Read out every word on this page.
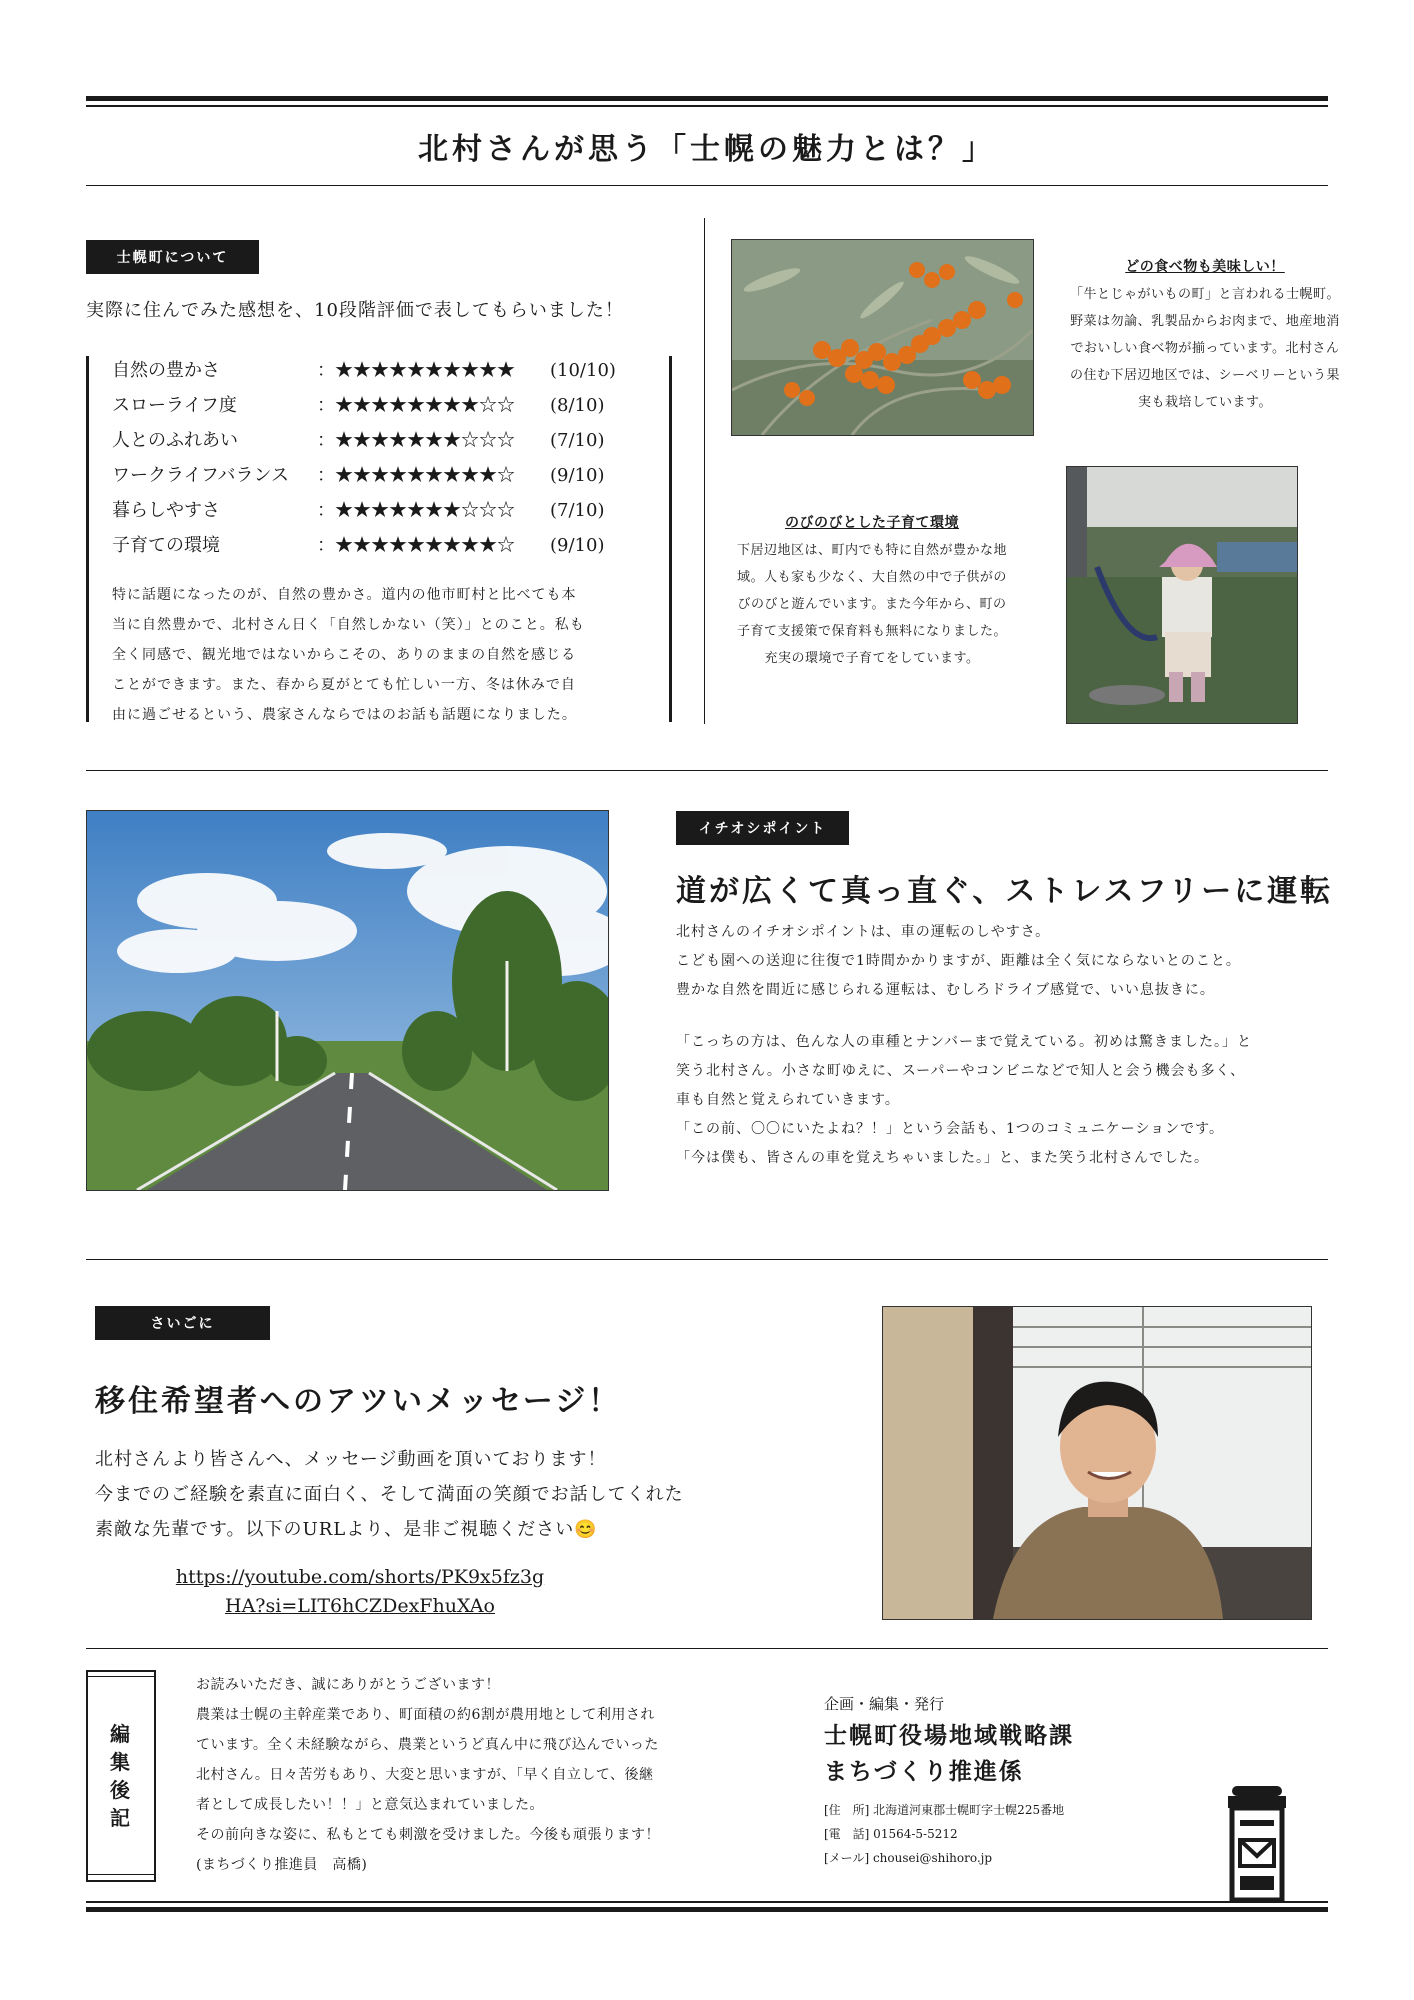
北村さんが思う「士幌の魅力とは？」
士幌町について
実際に住んでみた感想を、10段階評価で表してもらいました！
自然の豊かさ	：★★★★★★★★★★ (10/10)
スローライフ度	：★★★★★★★★☆☆ (8/10)
人とのふれあい	：★★★★★★★☆☆☆ (7/10)
ワークライフバランス	：★★★★★★★★★☆ (9/10)
暮らしやすさ	：★★★★★★★☆☆☆ (7/10)
子育ての環境	：★★★★★★★★★☆ (9/10)
特に話題になったのが、自然の豊かさ。道内の他市町村と比べても本
当に自然豊かで、北村さん日く「自然しかない（笑）」とのこと。私も
全く同感で、観光地ではないからこその、ありのままの自然を感じる
ことができます。また、春から夏がとても忙しい一方、冬は休みで自
由に過ごせるという、農家さんならではのお話も話題になりました。
どの食べ物も美味しい！
「牛とじゃがいもの町」と言われる士幌町。
野菜は勿論、乳製品からお肉まで、地産地消
でおいしい食べ物が揃っています。北村さん
の住む下居辺地区では、シーベリーという果
実も栽培しています。
のびのびとした子育て環境
下居辺地区は、町内でも特に自然が豊かな地
域。人も家も少なく、大自然の中で子供がの
びのびと遊んでいます。また今年から、町の
子育て支援策で保育料も無料になりました。
充実の環境で子育てをしています。
イチオシポイント
道が広くて真っ直ぐ、ストレスフリーに運転
北村さんのイチオシポイントは、車の運転のしやすさ。
こども園への送迎に往復で1時間かかりますが、距離は全く気にならないとのこと。
豊かな自然を間近に感じられる運転は、むしろドライブ感覚で、いい息抜きに。
「こっちの方は、色んな人の車種とナンバーまで覚えている。初めは驚きました。」と
笑う北村さん。小さな町ゆえに、スーパーやコンビニなどで知人と会う機会も多く、
車も自然と覚えられていきます。
「この前、〇〇にいたよね？！」という会話も、1つのコミュニケーションです。
「今は僕も、皆さんの車を覚えちゃいました。」と、また笑う北村さんでした。
さいごに
移住希望者へのアツいメッセージ！
北村さんより皆さんへ、メッセージ動画を頂いております！
今までのご経験を素直に面白く、そして満面の笑顔でお話してくれた
素敵な先輩です。以下のURLより、是非ご視聴ください😊
https://youtube.com/shorts/PK9x5fz3g
HA?si=LIT6hCZDexFhuXAo
編集後記
お読みいただき、誠にありがとうございます！
農業は士幌の主幹産業であり、町面積の約6割が農用地として利用され
ています。全く未経験ながら、農業というど真ん中に飛び込んでいった
北村さん。日々苦労もあり、大変と思いますが、「早く自立して、後継
者として成長したい！！」と意気込まれていました。
その前向きな姿に、私もとても刺激を受けました。今後も頑張ります！
(まちづくり推進員　高橋)
企画・編集・発行
士幌町役場地域戦略課
まちづくり推進係
[住　所] 北海道河東郡士幌町字士幌225番地
[電　話] 01564-5-5212
[メール] chousei@shihoro.jp
